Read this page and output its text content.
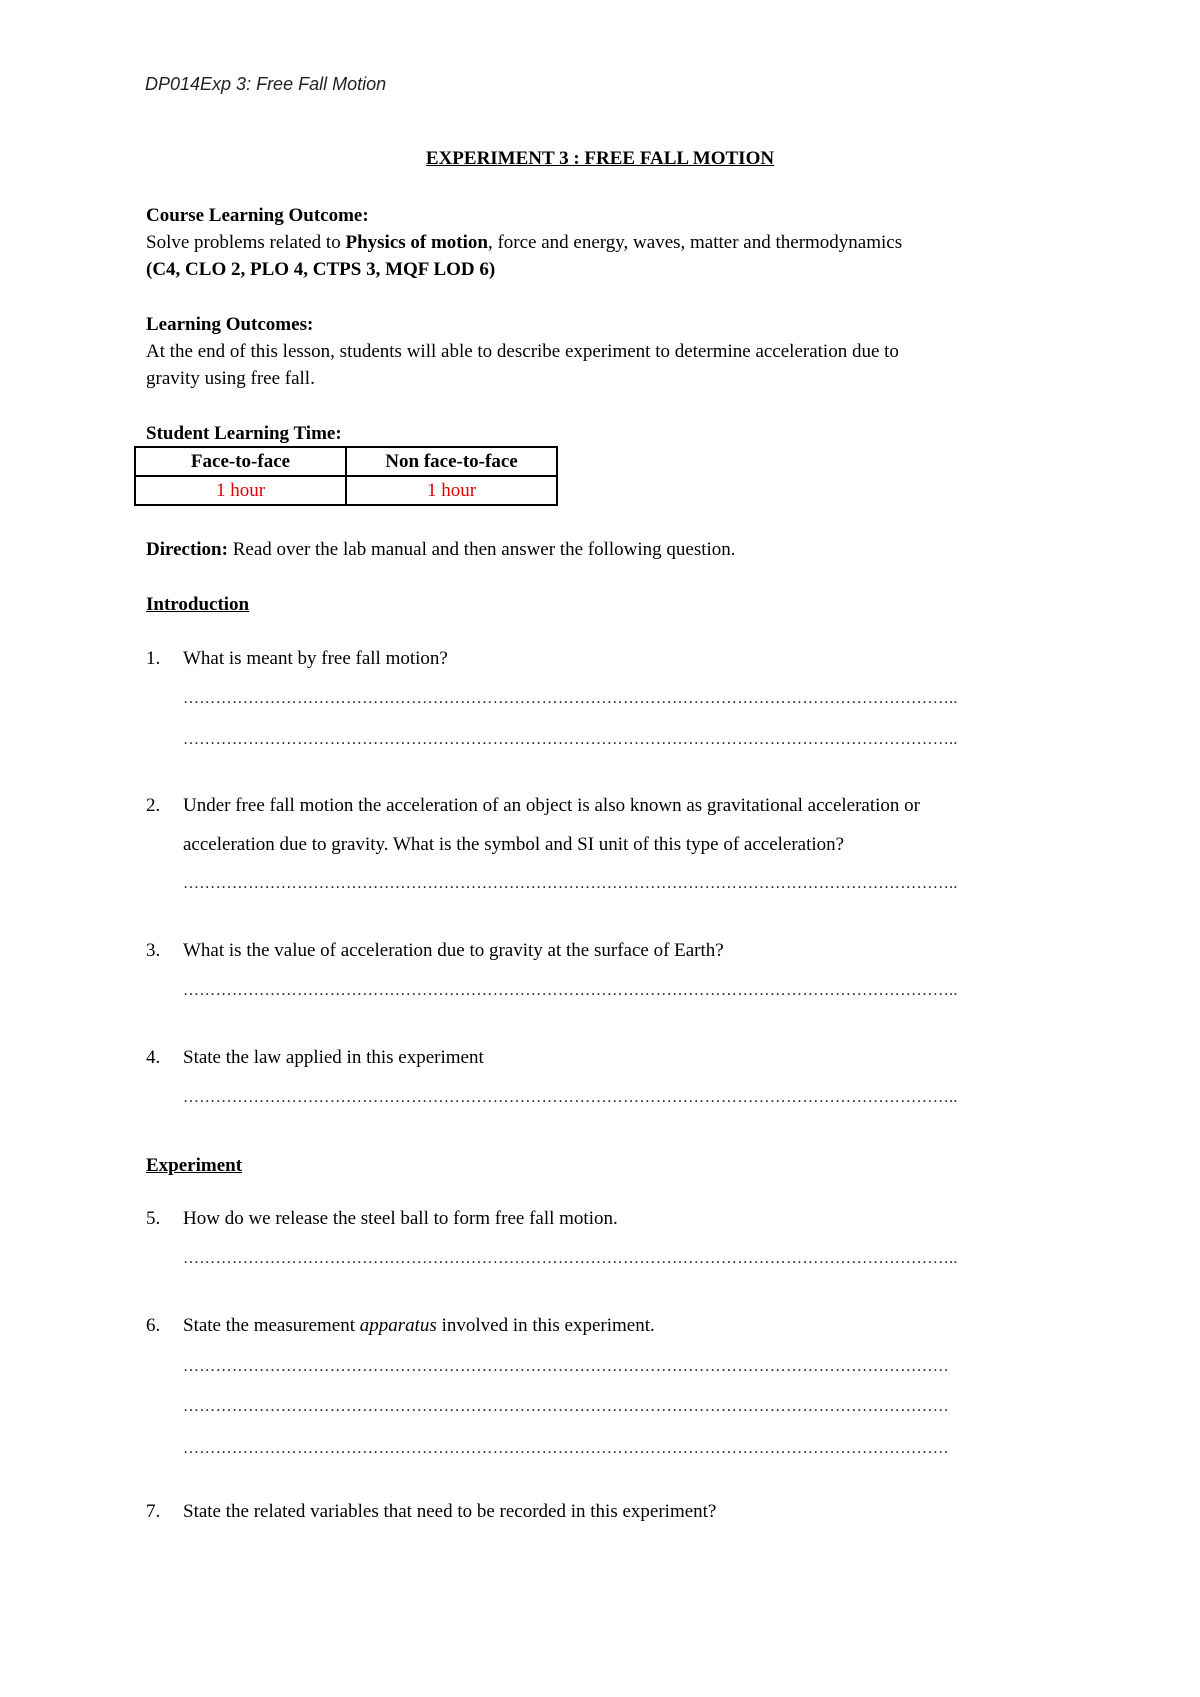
DP014Exp 3: Free Fall Motion
EXPERIMENT 3 : FREE FALL MOTION
Course Learning Outcome:
Solve problems related to Physics of motion, force and energy, waves, matter and thermodynamics
(C4, CLO 2, PLO 4, CTPS 3, MQF LOD 6)
Learning Outcomes:
At the end of this lesson, students will able to describe experiment to determine acceleration due to
gravity using free fall.
Student Learning Time:
Face-to-face	Non face-to-face
1 hour	1 hour
Direction: Read over the lab manual and then answer the following question.
Introduction
1. What is meant by free fall motion?
……………………………………………………………………………………………………………………………..
……………………………………………………………………………………………………………………………..
2. Under free fall motion the acceleration of an object is also known as gravitational acceleration or
acceleration due to gravity. What is the symbol and SI unit of this type of acceleration?
……………………………………………………………………………………………………………………………..
3. What is the value of acceleration due to gravity at the surface of Earth?
……………………………………………………………………………………………………………………………..
4. State the law applied in this experiment
……………………………………………………………………………………………………………………………..
Experiment
5. How do we release the steel ball to form free fall motion.
……………………………………………………………………………………………………………………………..
6. State the measurement apparatus involved in this experiment.
……………………………………………………………………………………………………………………………
……………………………………………………………………………………………………………………………
……………………………………………………………………………………………………………………………
7. State the related variables that need to be recorded in this experiment?
